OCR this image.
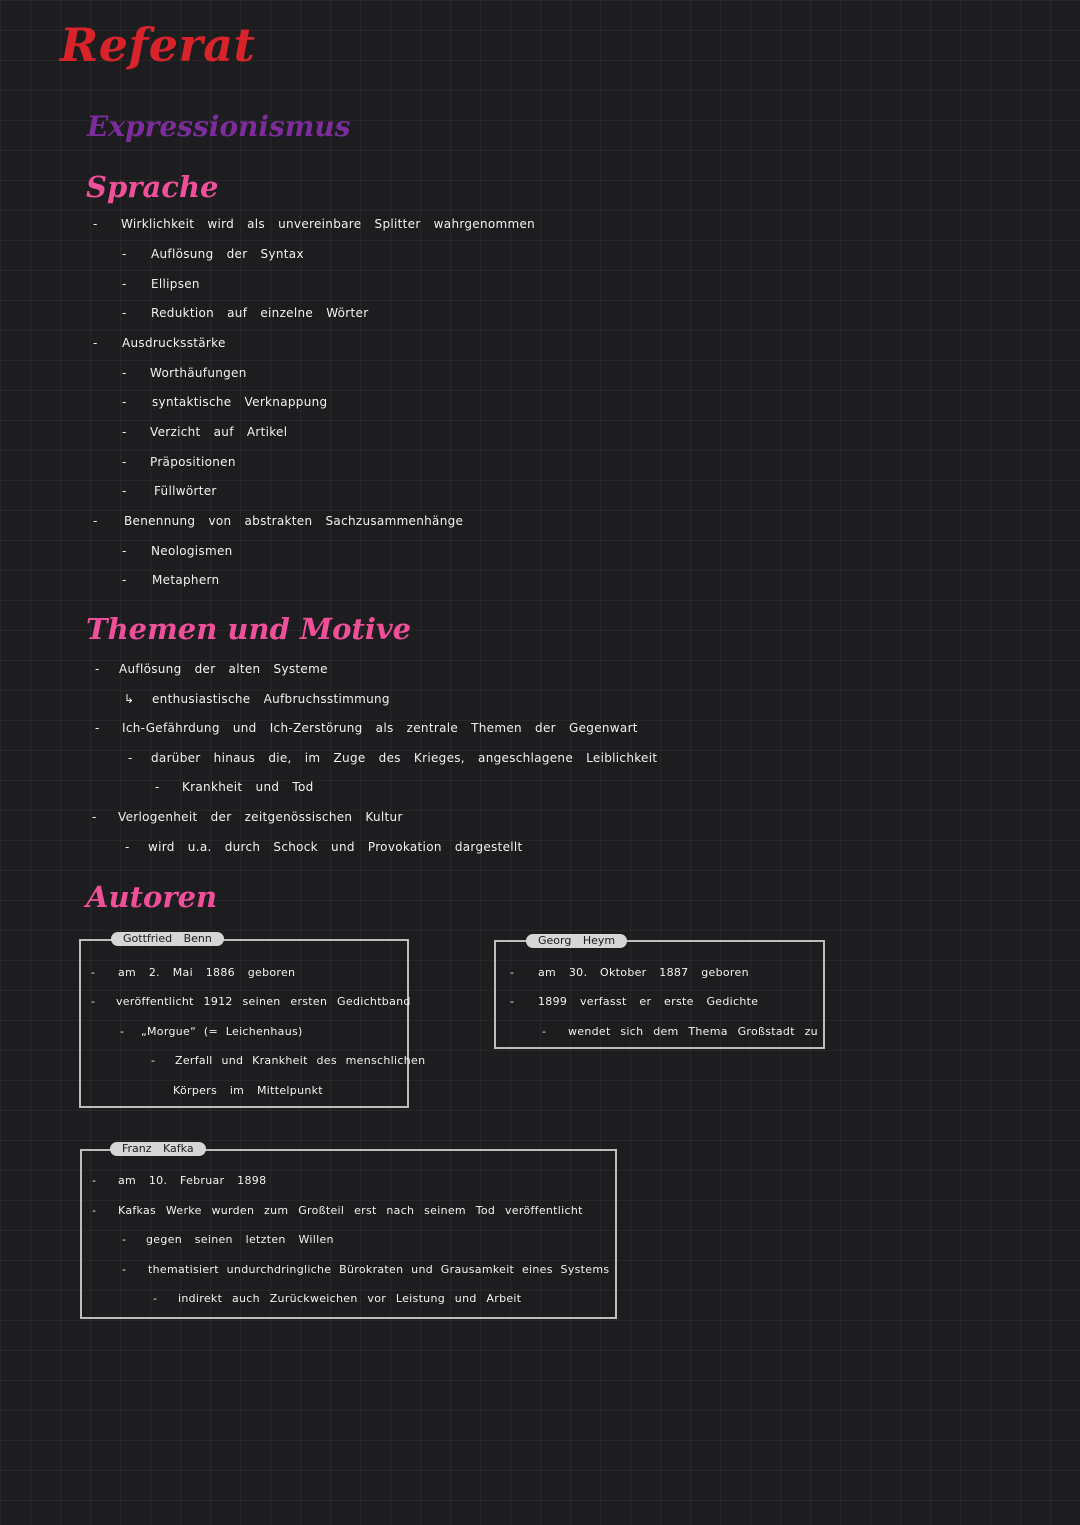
Referat
Expressionismus
Sprache
- Wirklichkeit wird als unvereinbare Splitter wahrgenommen
- Auflösung der Syntax
- Ellipsen
- Reduktion auf einzelne Wörter
- Ausdrucksstärke
- Worthäufungen
- syntaktische Verknappung
- Verzicht auf Artikel
- Präpositionen
- Füllwörter
- Benennung von abstrakten Sachzusammenhänge
- Neologismen
- Metaphern
Themen und Motive
- Auflösung der alten Systeme
↳ enthusiastische Aufbruchsstimmung
- Ich-Gefährdung und Ich-Zerstörung als zentrale Themen der Gegenwart
- darüber hinaus die, im Zuge des Krieges, angeschlagene Leiblichkeit
- Krankheit und Tod
- Verlogenheit der zeitgenössischen Kultur
- wird u.a. durch Schock und Provokation dargestellt
Autoren
Gottfried Benn
- am 2. Mai 1886 geboren
- veröffentlicht 1912 seinen ersten Gedichtband
- „Morgue“ (= Leichenhaus)
- Zerfall und Krankheit des menschlichen
Körpers im Mittelpunkt
Georg Heym
- am 30. Oktober 1887 geboren
- 1899 verfasst er erste Gedichte
- wendet sich dem Thema Großstadt zu
Franz Kafka
- am 10. Februar 1898
- Kafkas Werke wurden zum Großteil erst nach seinem Tod veröffentlicht
- gegen seinen letzten Willen
- thematisiert undurchdringliche Bürokraten und Grausamkeit eines Systems
- indirekt auch Zurückweichen vor Leistung und Arbeit
